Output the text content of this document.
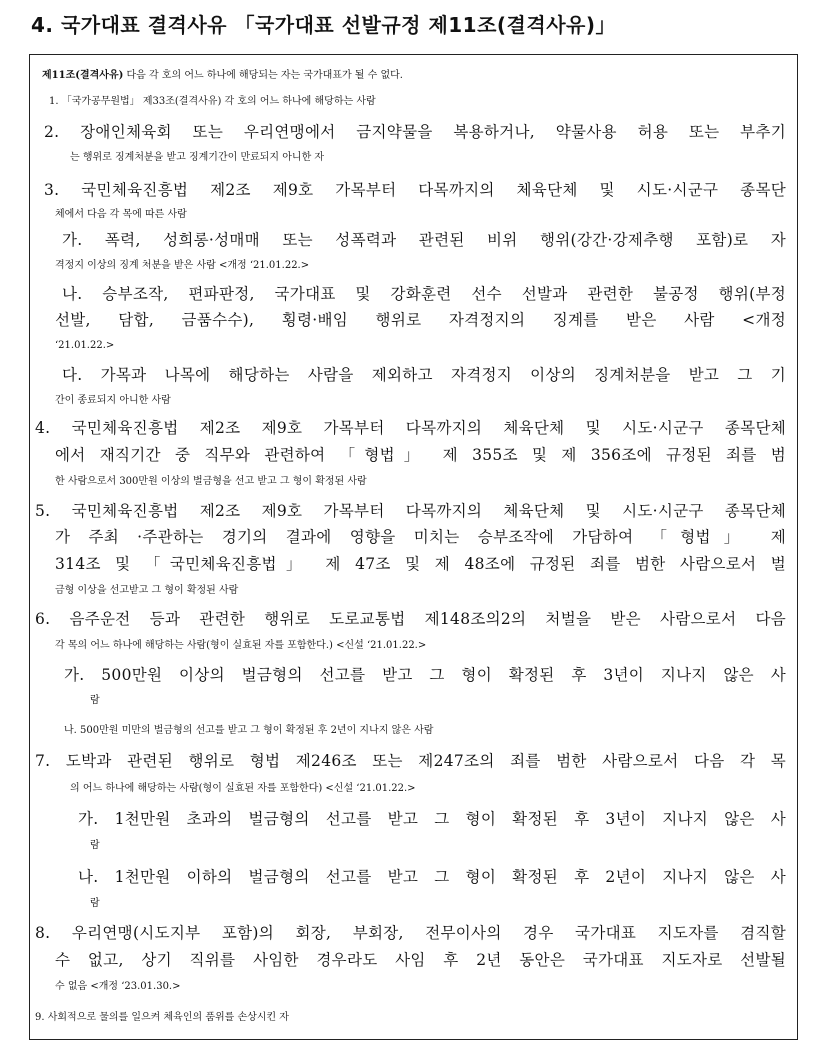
4. 국가대표 결격사유 「국가대표 선발규정 제11조(결격사유)」
제11조(결격사유) 다음 각 호의 어느 하나에 해당되는 자는 국가대표가 될 수 없다.
1. 「국가공무원법」 제33조(결격사유) 각 호의 어느 하나에 해당하는 사람
2. 장애인체육회 또는 우리연맹에서 금지약물을 복용하거나, 약물사용 허용 또는 부추기
는 행위로 징계처분을 받고 징계기간이 만료되지 아니한 자
3. 국민체육진흥법 제2조 제9호 가목부터 다목까지의 체육단체 및 시도·시군구 종목단
체에서 다음 각 목에 따른 사람
가. 폭력, 성희롱·성매매 또는 성폭력과 관련된 비위 행위(강간·강제추행 포함)로 자
격정지 이상의 징계 처분을 받은 사람 <개정 ‘21.01.22.>
나. 승부조작, 편파판정, 국가대표 및 강화훈련 선수 선발과 관련한 불공정 행위(부정
선발, 담합, 금품수수), 횡령·배임 행위로 자격정지의 징계를 받은 사람 <개정
‘21.01.22.>
다. 가목과 나목에 해당하는 사람을 제외하고 자격정지 이상의 징계처분을 받고 그 기
간이 종료되지 아니한 사람
4. 국민체육진흥법 제2조 제9호 가목부터 다목까지의 체육단체 및 시도·시군구 종목단체
에서 재직기간 중 직무와 관련하여 「형법」 제 355조 및 제 356조에 규정된 죄를 범
한 사람으로서 300만원 이상의 벌금형을 선고 받고 그 형이 확정된 사람
5. 국민체육진흥법 제2조 제9호 가목부터 다목까지의 체육단체 및 시도·시군구 종목단체
가 주최 ·주관하는 경기의 결과에 영향을 미치는 승부조작에 가담하여 「형법」 제
314조 및 「국민체육진흥법」 제 47조 및 제 48조에 규정된 죄를 범한 사람으로서 벌
금형 이상을 선고받고 그 형이 확정된 사람
6. 음주운전 등과 관련한 행위로 도로교통법 제148조의2의 처벌을 받은 사람으로서 다음
각 목의 어느 하나에 해당하는 사람(형이 실효된 자를 포함한다.) <신설 ‘21.01.22.>
가. 500만원 이상의 벌금형의 선고를 받고 그 형이 확정된 후 3년이 지나지 않은 사
람
나. 500만원 미만의 벌금형의 선고를 받고 그 형이 확정된 후 2년이 지나지 않은 사람
7. 도박과 관련된 행위로 형법 제246조 또는 제247조의 죄를 범한 사람으로서 다음 각 목
의 어느 하나에 해당하는 사람(형이 실효된 자를 포함한다) <신설 ‘21.01.22.>
가. 1천만원 초과의 벌금형의 선고를 받고 그 형이 확정된 후 3년이 지나지 않은 사
람
나. 1천만원 이하의 벌금형의 선고를 받고 그 형이 확정된 후 2년이 지나지 않은 사
람
8. 우리연맹(시도지부 포함)의 회장, 부회장, 전무이사의 경우 국가대표 지도자를 겸직할
수 없고, 상기 직위를 사임한 경우라도 사임 후 2년 동안은 국가대표 지도자로 선발될
수 없음 <개정 ‘23.01.30.>
9. 사회적으로 물의를 일으켜 체육인의 품위를 손상시킨 자
